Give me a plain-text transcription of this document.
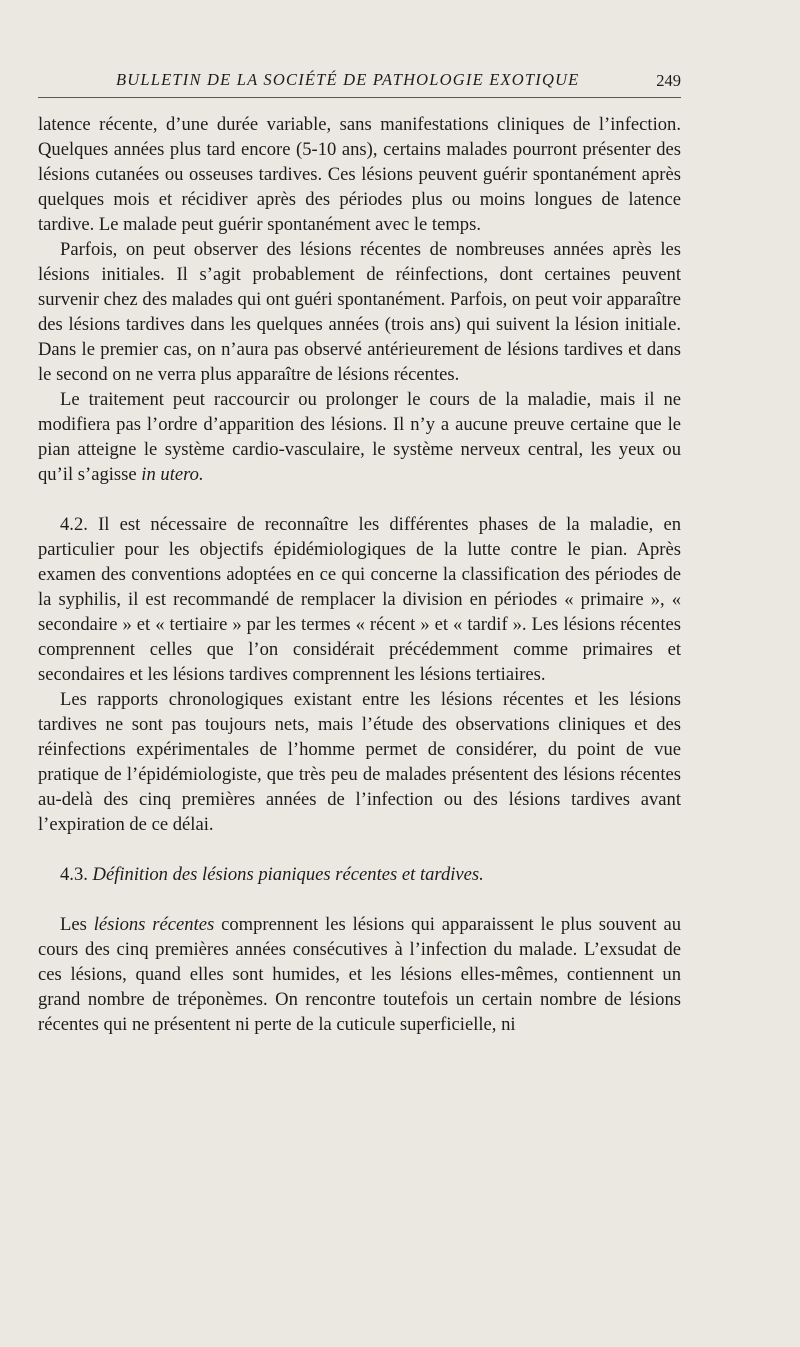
BULLETIN DE LA SOCIÉTÉ DE PATHOLOGIE EXOTIQUE	249

latence récente, d’une durée variable, sans manifestations cliniques de l’infection. Quelques années plus tard encore (5-10 ans), certains malades pourront présenter des lésions cutanées ou osseuses tardives. Ces lésions peuvent guérir spontanément après quelques mois et récidiver après des périodes plus ou moins longues de latence tardive. Le malade peut guérir spontanément avec le temps.

Parfois, on peut observer des lésions récentes de nombreuses années après les lésions initiales. Il s’agit probablement de réinfections, dont certaines peuvent survenir chez des malades qui ont guéri spontanément. Parfois, on peut voir apparaître des lésions tardives dans les quelques années (trois ans) qui suivent la lésion initiale. Dans le premier cas, on n’aura pas observé antérieurement de lésions tardives et dans le second on ne verra plus apparaître de lésions récentes.

Le traitement peut raccourcir ou prolonger le cours de la maladie, mais il ne modifiera pas l’ordre d’apparition des lésions. Il n’y a aucune preuve certaine que le pian atteigne le système cardio-vasculaire, le système nerveux central, les yeux ou qu’il s’agisse in utero.

4.2. Il est nécessaire de reconnaître les différentes phases de la maladie, en particulier pour les objectifs épidémiologiques de la lutte contre le pian. Après examen des conventions adoptées en ce qui concerne la classification des périodes de la syphilis, il est recommandé de remplacer la division en périodes « primaire », « secondaire » et « tertiaire » par les termes « récent » et « tardif ». Les lésions récentes comprennent celles que l’on considérait précédemment comme primaires et secondaires et les lésions tardives comprennent les lésions tertiaires.

Les rapports chronologiques existant entre les lésions récentes et les lésions tardives ne sont pas toujours nets, mais l’étude des observations cliniques et des réinfections expérimentales de l’homme permet de considérer, du point de vue pratique de l’épidémiologiste, que très peu de malades présentent des lésions récentes au-delà des cinq premières années de l’infection ou des lésions tardives avant l’expiration de ce délai.

4.3. Définition des lésions pianiques récentes et tardives.

Les lésions récentes comprennent les lésions qui apparaissent le plus souvent au cours des cinq premières années consécutives à l’infection du malade. L’exsudat de ces lésions, quand elles sont humides, et les lésions elles-mêmes, contiennent un grand nombre de tréponèmes. On rencontre toutefois un certain nombre de lésions récentes qui ne présentent ni perte de la cuticule superficielle, ni
